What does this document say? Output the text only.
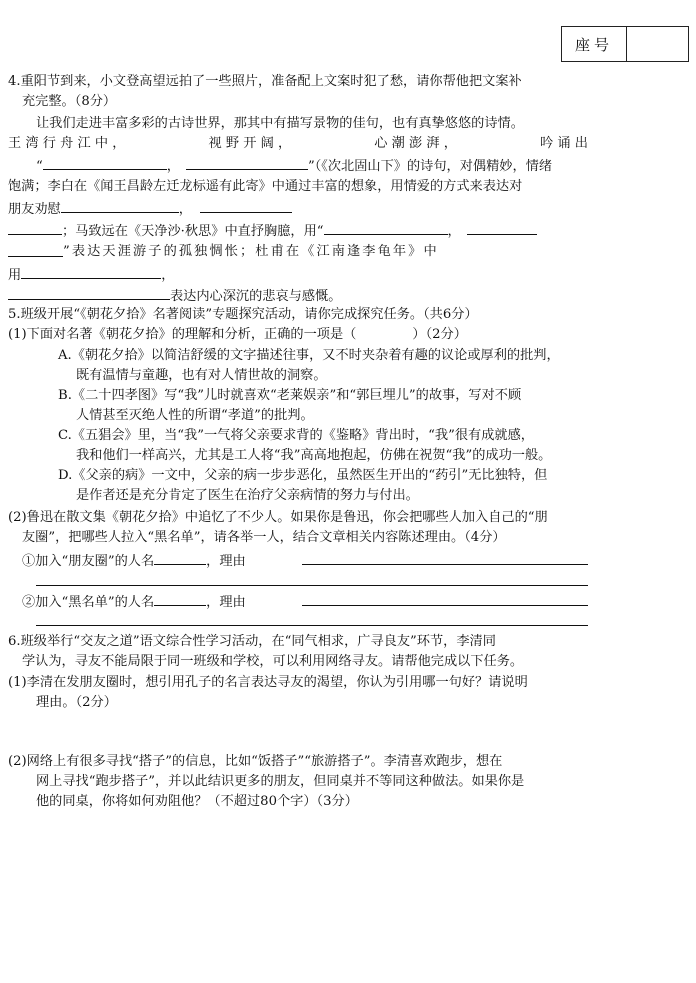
座号
4.重阳节到来，小文登高望远拍了一些照片，准备配上文案时犯了愁，请你帮他把文案补
充完整。（8分）
让我们走进丰富多彩的古诗世界，那其中有描写景物的佳句，也有真挚悠悠的诗情。
王 湾 行 舟 江 中 ，	视 野 开 阔 ，	心 潮 澎 湃 ，	吟 诵 出
“	，	”（《次北固山下》的诗句，对偶精妙，情绪
饱满；李白在《闻王昌龄左迁龙标遥有此寄》中通过丰富的想象，用情爱的方式来表达对
朋友劝慰	，
；马致远在《天净沙·秋思》中直抒胸臆，用“	，
”表达天涯游子的孤独惆怅；杜甫在《江南逢李龟年》中
用	，
表达内心深沉的悲哀与感慨。
5.班级开展“《朝花夕拾》名著阅读”专题探究活动，请你完成探究任务。（共6分）
(1)下面对名著《朝花夕拾》的理解和分析，正确的一项是（	）（2分）
A.《朝花夕拾》以简洁舒缓的文字描述往事，又不时夹杂着有趣的议论或厚利的批判，
既有温情与童趣，也有对人情世故的洞察。
B.《二十四孝图》写“我”儿时就喜欢“老莱娱亲”和“郭巨埋儿”的故事，写对不顾
人情甚至灭绝人性的所谓“孝道”的批判。
C.《五猖会》里，当“我”一气将父亲要求背的《鉴略》背出时，“我”很有成就感，
我和他们一样高兴，尤其是工人将“我”高高地抱起，仿佛在祝贺“我”的成功一般。
D.《父亲的病》一文中，父亲的病一步步恶化，虽然医生开出的“药引”无比独特，但
是作者还是充分肯定了医生在治疗父亲病情的努力与付出。
(2)鲁迅在散文集《朝花夕拾》中追忆了不少人。如果你是鲁迅，你会把哪些人加入自己的“朋
友圈”，把哪些人拉入“黑名单”，请各举一人，结合文章相关内容陈述理由。（4分）
①加入“朋友圈”的人名	，理由
②加入“黑名单”的人名	，理由
6.班级举行“交友之道”语文综合性学习活动，在“同气相求，广寻良友”环节，李清同
学认为，寻友不能局限于同一班级和学校，可以利用网络寻友。请帮他完成以下任务。
(1)李清在发朋友圈时，想引用孔子的名言表达寻友的渴望，你认为引用哪一句好？请说明
理由。（2分）
(2)网络上有很多寻找“搭子”的信息，比如“饭搭子”“旅游搭子”。李清喜欢跑步，想在
网上寻找“跑步搭子”，并以此结识更多的朋友，但同桌并不等同这种做法。如果你是
他的同桌，你将如何劝阻他？（不超过80个字）（3分）
